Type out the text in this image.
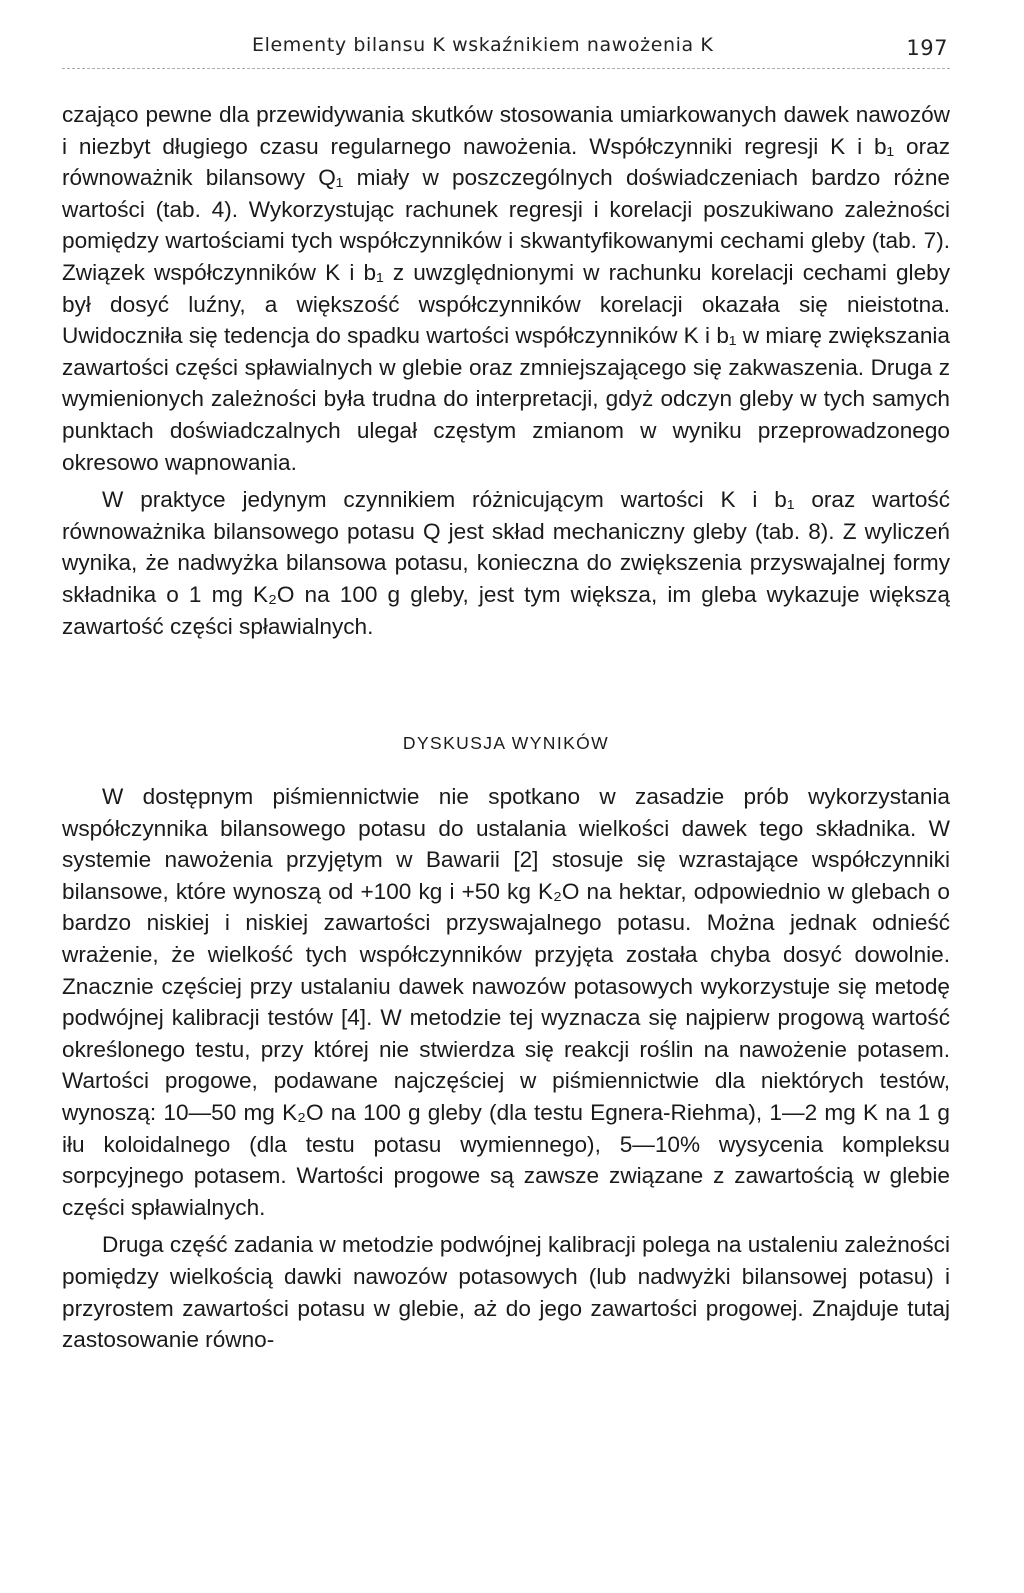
Elementy bilansu K wskaźnikiem nawożenia K	197

czająco pewne dla przewidywania skutków stosowania umiarkowanych dawek nawozów i niezbyt długiego czasu regularnego nawożenia. Współczynniki regresji K i b₁ oraz równoważnik bilansowy Q₁ miały w poszczególnych doświadczeniach bardzo różne wartości (tab. 4). Wykorzystując rachunek regresji i korelacji poszukiwano zależności pomiędzy wartościami tych współczynników i skwantyfikowanymi cechami gleby (tab. 7). Związek współczynników K i b₁ z uwzględnionymi w rachunku korelacji cechami gleby był dosyć luźny, a większość współczynników korelacji okazała się nieistotna. Uwidoczniła się tedencja do spadku wartości współczynników K i b₁ w miarę zwiększania zawartości części spławialnych w glebie oraz zmniejszającego się zakwaszenia. Druga z wymienionych zależności była trudna do interpretacji, gdyż odczyn gleby w tych samych punktach doświadczalnych ulegał częstym zmianom w wyniku przeprowadzonego okresowo wapnowania.

W praktyce jedynym czynnikiem różnicującym wartości K i b₁ oraz wartość równoważnika bilansowego potasu Q jest skład mechaniczny gleby (tab. 8). Z wyliczeń wynika, że nadwyżka bilansowa potasu, konieczna do zwiększenia przyswajalnej formy składnika o 1 mg K₂O na 100 g gleby, jest tym większa, im gleba wykazuje większą zawartość części spławialnych.

DYSKUSJA WYNIKÓW

W dostępnym piśmiennictwie nie spotkano w zasadzie prób wykorzystania współczynnika bilansowego potasu do ustalania wielkości dawek tego składnika. W systemie nawożenia przyjętym w Bawarii [2] stosuje się wzrastające współczynniki bilansowe, które wynoszą od +100 kg i +50 kg K₂O na hektar, odpowiednio w glebach o bardzo niskiej i niskiej zawartości przyswajalnego potasu. Można jednak odnieść wrażenie, że wielkość tych współczynników przyjęta została chyba dosyć dowolnie. Znacznie częściej przy ustalaniu dawek nawozów potasowych wykorzystuje się metodę podwójnej kalibracji testów [4]. W metodzie tej wyznacza się najpierw progową wartość określonego testu, przy której nie stwierdza się reakcji roślin na nawożenie potasem. Wartości progowe, podawane najczęściej w piśmiennictwie dla niektórych testów, wynoszą: 10—50 mg K₂O na 100 g gleby (dla testu Egnera-Riehma), 1—2 mg K na 1 g iłu koloidalnego (dla testu potasu wymiennego), 5—10% wysycenia kompleksu sorpcyjnego potasem. Wartości progowe są zawsze związane z zawartością w glebie części spławialnych.

Druga część zadania w metodzie podwójnej kalibracji polega na ustaleniu zależności pomiędzy wielkością dawki nawozów potasowych (lub nadwyżki bilansowej potasu) i przyrostem zawartości potasu w glebie, aż do jego zawartości progowej. Znajduje tutaj zastosowanie równo-
